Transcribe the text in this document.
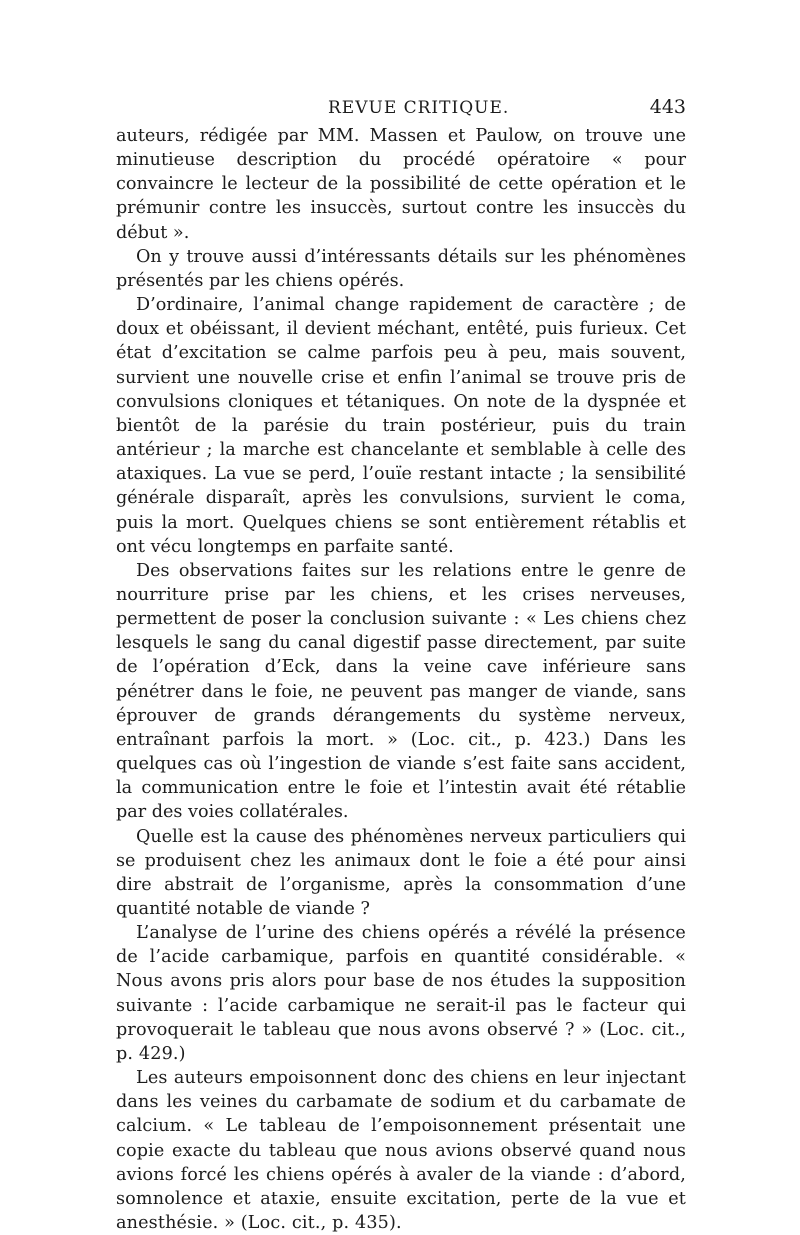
REVUE CRITIQUE.	443

auteurs, rédigée par MM. Massen et Paulow, on trouve une minutieuse description du procédé opératoire « pour convaincre le lecteur de la possibilité de cette opération et le prémunir contre les insuccès, surtout contre les insuccès du début ».

On y trouve aussi d’intéressants détails sur les phénomènes présentés par les chiens opérés.

D’ordinaire, l’animal change rapidement de caractère ; de doux et obéissant, il devient méchant, entêté, puis furieux. Cet état d’excitation se calme parfois peu à peu, mais souvent, survient une nouvelle crise et enfin l’animal se trouve pris de convulsions cloniques et tétaniques. On note de la dyspnée et bientôt de la parésie du train postérieur, puis du train antérieur ; la marche est chancelante et semblable à celle des ataxiques. La vue se perd, l’ouïe restant intacte ; la sensibilité générale disparaît, après les convulsions, survient le coma, puis la mort. Quelques chiens se sont entièrement rétablis et ont vécu longtemps en parfaite santé.

Des observations faites sur les relations entre le genre de nourriture prise par les chiens, et les crises nerveuses, permettent de poser la conclusion suivante : « Les chiens chez lesquels le sang du canal digestif passe directement, par suite de l’opération d’Eck, dans la veine cave inférieure sans pénétrer dans le foie, ne peuvent pas manger de viande, sans éprouver de grands dérangements du système nerveux, entraînant parfois la mort. » (Loc. cit., p. 423.) Dans les quelques cas où l’ingestion de viande s’est faite sans accident, la communication entre le foie et l’intestin avait été rétablie par des voies collatérales.

Quelle est la cause des phénomènes nerveux particuliers qui se produisent chez les animaux dont le foie a été pour ainsi dire abstrait de l’organisme, après la consommation d’une quantité notable de viande ?

L’analyse de l’urine des chiens opérés a révélé la présence de l’acide carbamique, parfois en quantité considérable. « Nous avons pris alors pour base de nos études la supposition suivante : l’acide carbamique ne serait-il pas le facteur qui provoquerait le tableau que nous avons observé ? » (Loc. cit., p. 429.)

Les auteurs empoisonnent donc des chiens en leur injectant dans les veines du carbamate de sodium et du carbamate de calcium. « Le tableau de l’empoisonnement présentait une copie exacte du tableau que nous avions observé quand nous avions forcé les chiens opérés à avaler de la viande : d’abord, somnolence et ataxie, ensuite excitation, perte de la vue et anesthésie. » (Loc. cit., p. 435).
